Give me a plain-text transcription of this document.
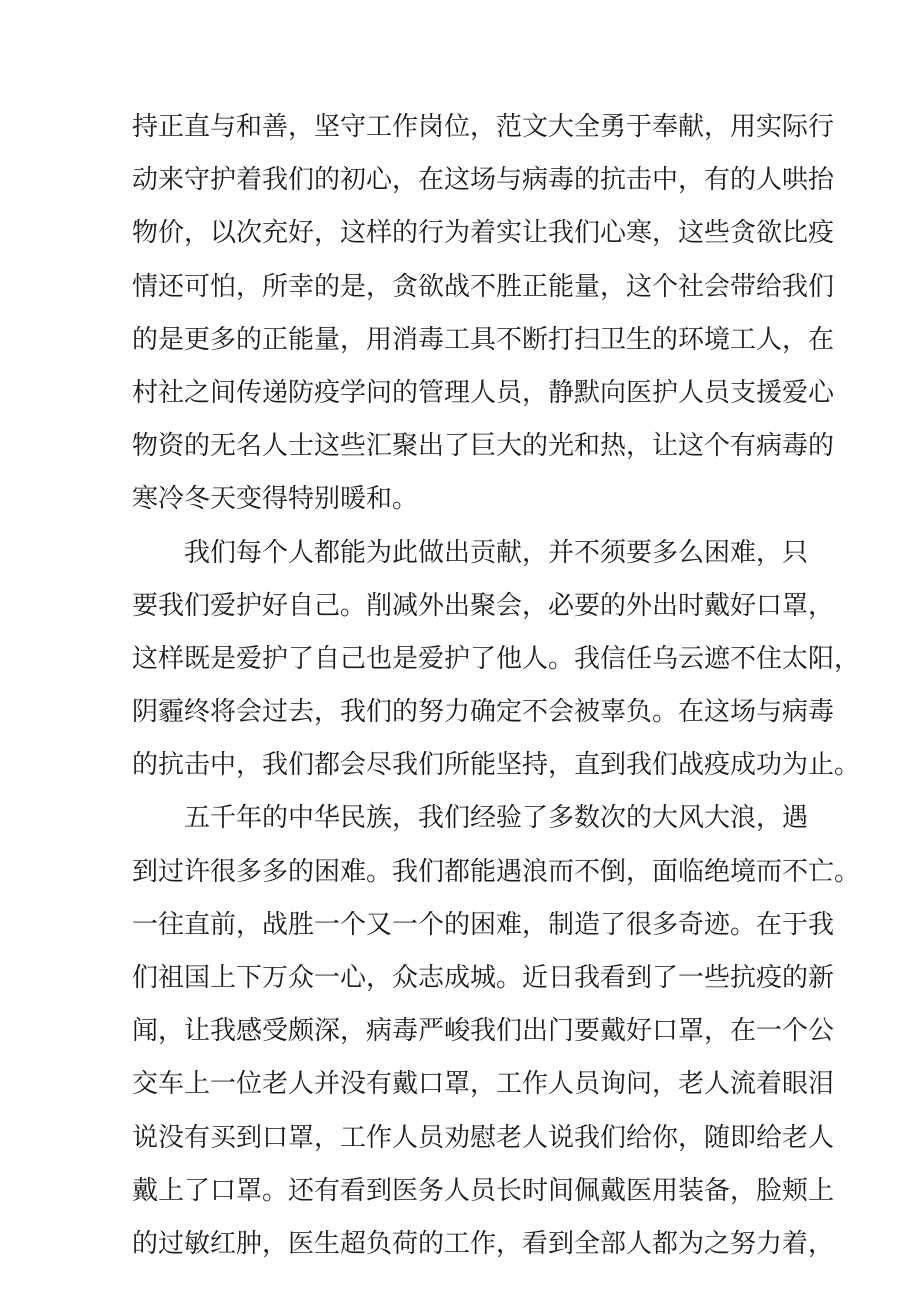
持正直与和善，坚守工作岗位，范文大全勇于奉献，用实际行
动来守护着我们的初心，在这场与病毒的抗击中，有的人哄抬
物价，以次充好，这样的行为着实让我们心寒，这些贪欲比疫
情还可怕，所幸的是，贪欲战不胜正能量，这个社会带给我们
的是更多的正能量，用消毒工具不断打扫卫生的环境工人，在
村社之间传递防疫学问的管理人员，静默向医护人员支援爱心
物资的无名人士这些汇聚出了巨大的光和热，让这个有病毒的
寒冷冬天变得特别暖和。
我们每个人都能为此做出贡献，并不须要多么困难，只
要我们爱护好自己。削减外出聚会，必要的外出时戴好口罩，
这样既是爱护了自己也是爱护了他人。我信任乌云遮不住太阳，
阴霾终将会过去，我们的努力确定不会被辜负。在这场与病毒
的抗击中，我们都会尽我们所能坚持，直到我们战疫成功为止。
五千年的中华民族，我们经验了多数次的大风大浪，遇
到过许很多多的困难。我们都能遇浪而不倒，面临绝境而不亡。
一往直前，战胜一个又一个的困难，制造了很多奇迹。在于我
们祖国上下万众一心，众志成城。近日我看到了一些抗疫的新
闻，让我感受颇深，病毒严峻我们出门要戴好口罩，在一个公
交车上一位老人并没有戴口罩，工作人员询问，老人流着眼泪
说没有买到口罩，工作人员劝慰老人说我们给你，随即给老人
戴上了口罩。还有看到医务人员长时间佩戴医用装备，脸颊上
的过敏红肿，医生超负荷的工作，看到全部人都为之努力着，
